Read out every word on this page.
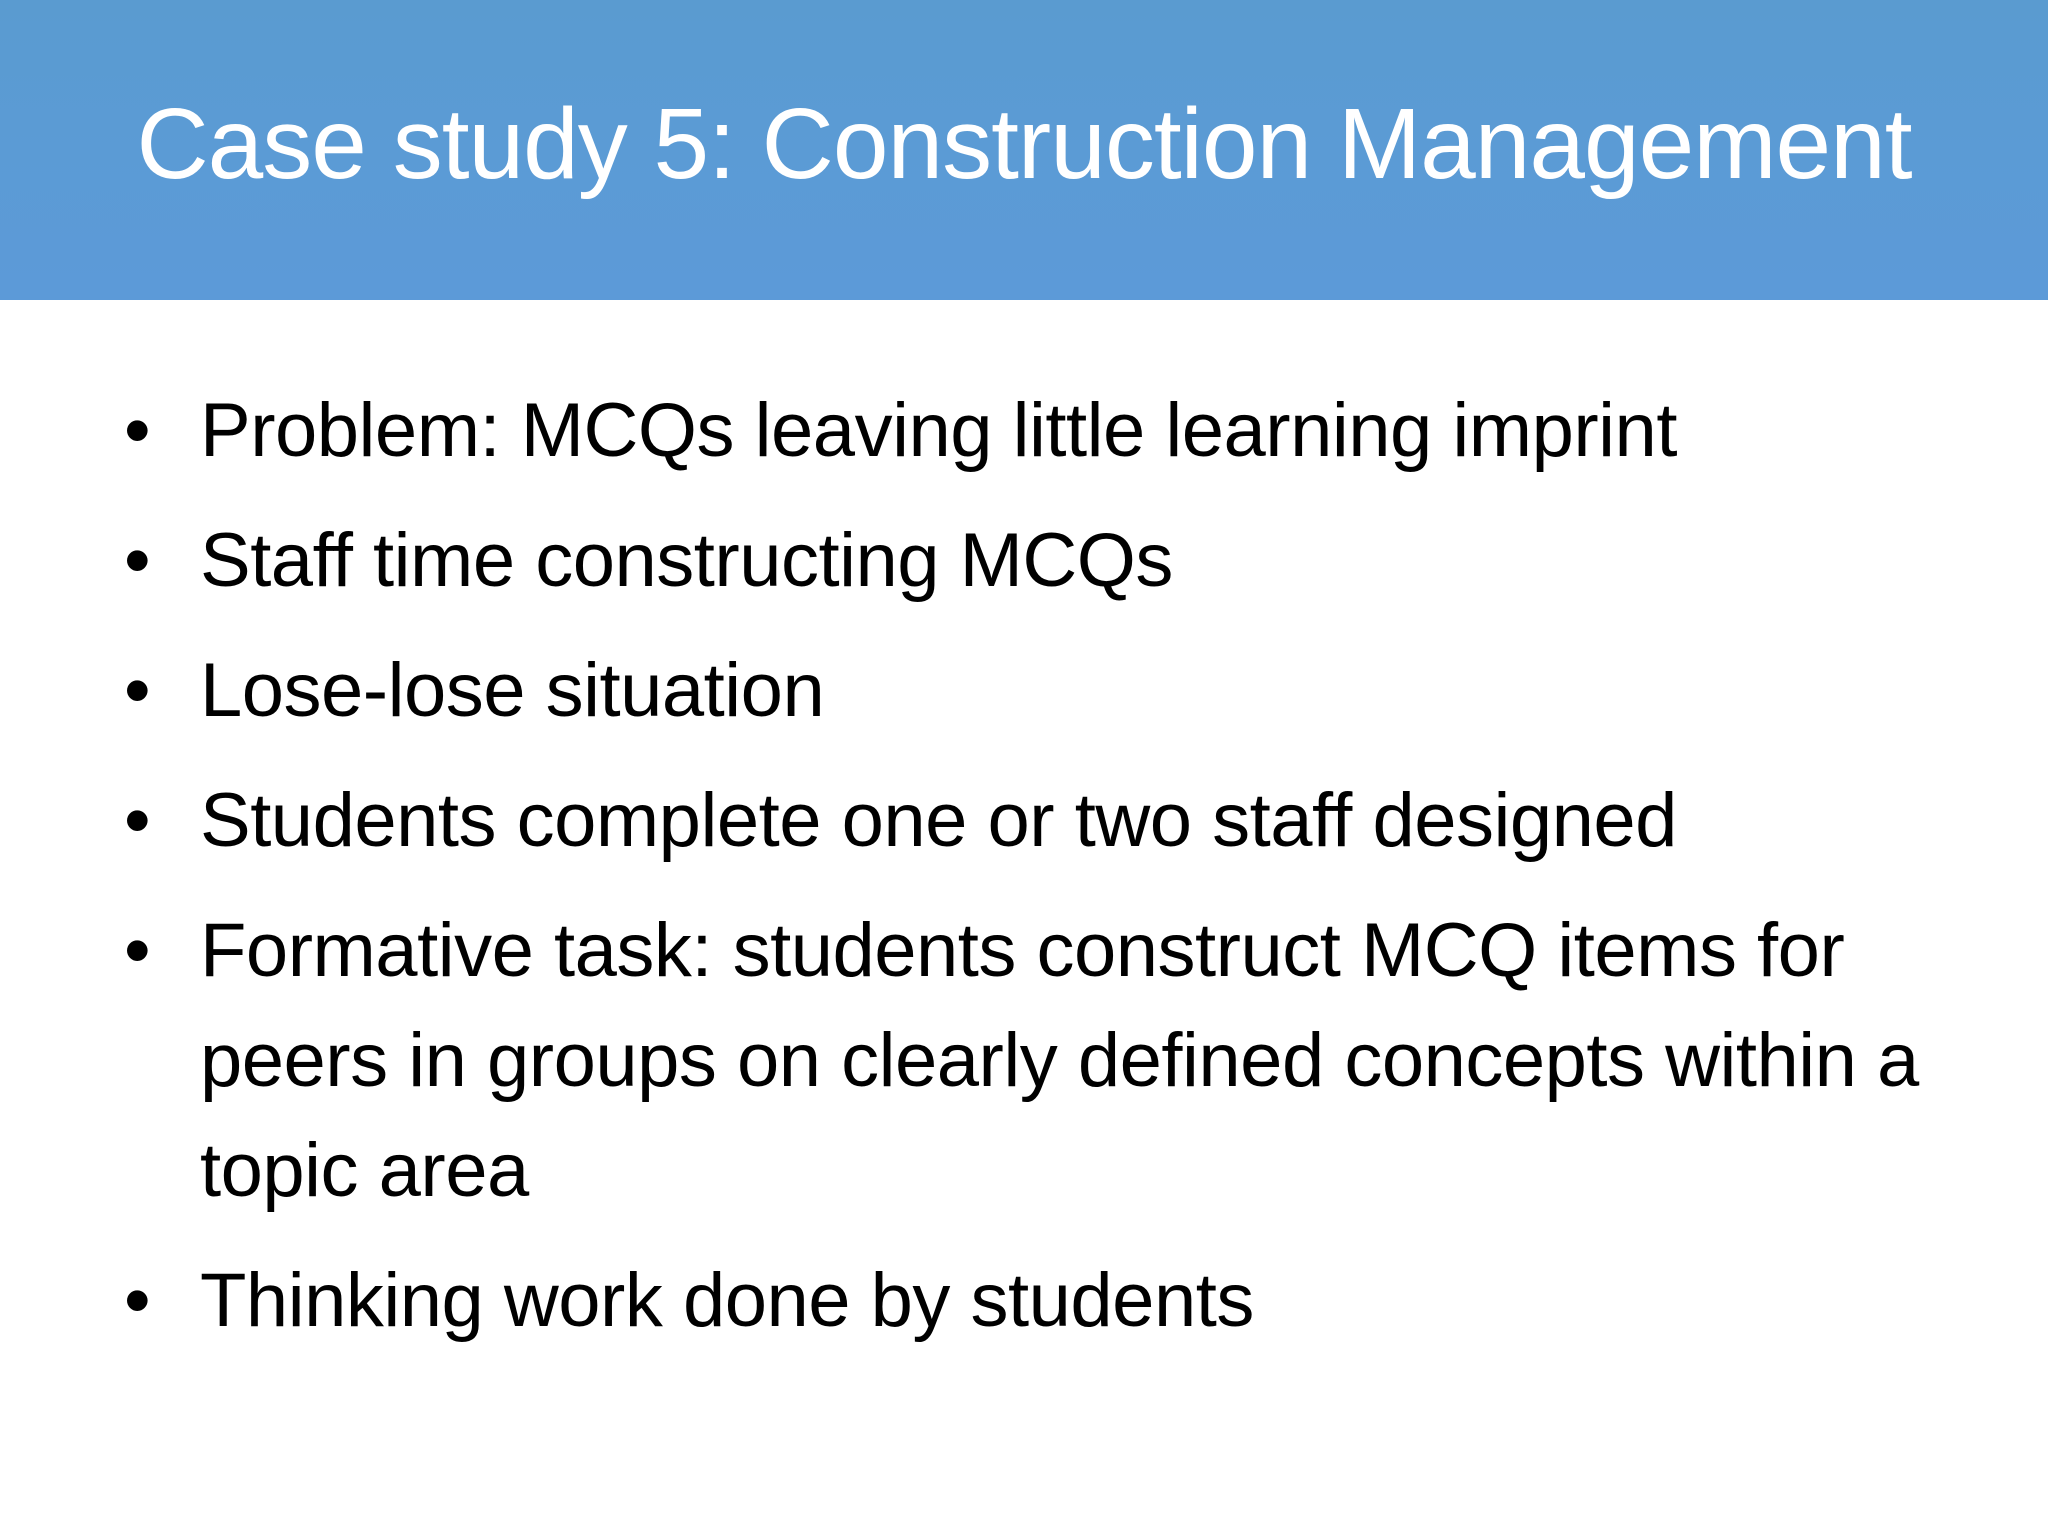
Case study 5: Construction Management
• Problem: MCQs leaving little learning imprint
• Staff time constructing MCQs
• Lose-lose situation
• Students complete one or two staff designed
• Formative task: students construct MCQ items for peers in groups on clearly defined concepts within a topic area
• Thinking work done by students
